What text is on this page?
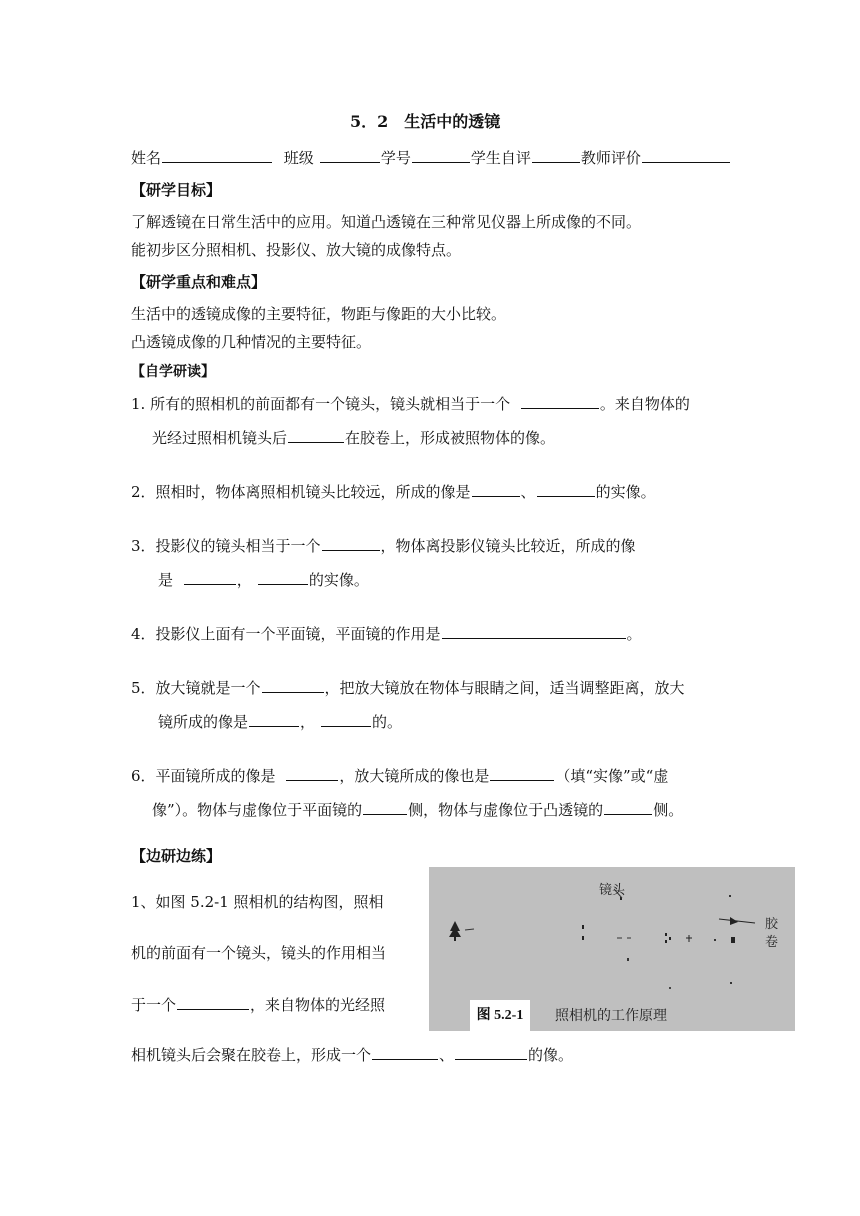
5．2　生活中的透镜
姓名	班级	学号	学生自评	教师评价
【研学目标】
了解透镜在日常生活中的应用。知道凸透镜在三种常见仪器上所成像的不同。
能初步区分照相机、投影仪、放大镜的成像特点。
【研学重点和难点】
生活中的透镜成像的主要特征，物距与像距的大小比较。
凸透镜成像的几种情况的主要特征。
【自学研读】
1. 所有的照相机的前面都有一个镜头，镜头就相当于一个	。来自物体的
光经过照相机镜头后	在胶卷上，形成被照物体的像。
2．照相时，物体离照相机镜头比较远，所成的像是	、	的实像。
3．投影仪的镜头相当于一个	，物体离投影仪镜头比较近，所成的像
是	，	的实像。
4．投影仪上面有一个平面镜，平面镜的作用是	。
5．放大镜就是一个	，把放大镜放在物体与眼睛之间，适当调整距离，放大
镜所成的像是	，	的。
6．平面镜所成的像是	，放大镜所成的像也是	（填“实像”或“虚
像”）。物体与虚像位于平面镜的	侧，物体与虚像位于凸透镜的	侧。
【边研边练】
1、如图 5.2-1 照相机的结构图，照相
机的前面有一个镜头，镜头的作用相当
于一个	，来自物体的光经照
相机镜头后会聚在胶卷上，形成一个	、	的像。
镜头
胶
卷
图 5.2-1	照相机的工作原理
